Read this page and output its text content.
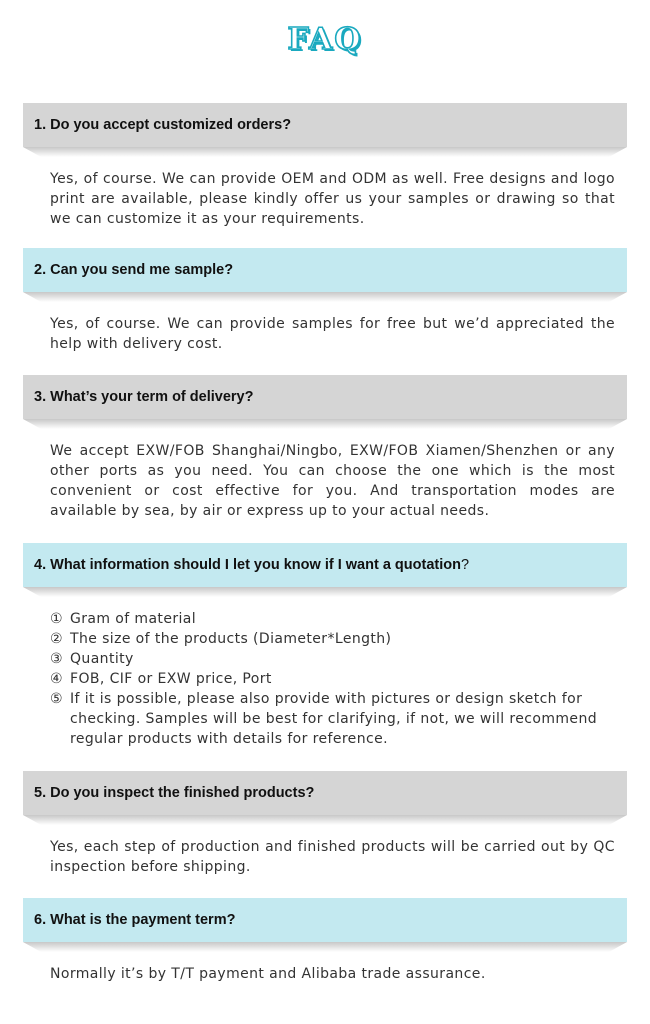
FAQ
1. Do you accept customized orders?
Yes, of course. We can provide OEM and ODM as well. Free designs and logo print are available, please kindly offer us your samples or drawing so that we can customize it as your requirements.
2. Can you send me sample?
Yes, of course. We can provide samples for free but we’d appreciated the help with delivery cost.
3. What’s your term of delivery?
We accept EXW/FOB Shanghai/Ningbo, EXW/FOB Xiamen/Shenzhen or any other ports as you need. You can choose the one which is the most convenient or cost effective for you. And transportation modes are available by sea, by air or express up to your actual needs.
4. What information should I let you know if I want a quotation?
① Gram of material
② The size of the products (Diameter*Length)
③ Quantity
④ FOB, CIF or EXW price, Port
⑤ If it is possible, please also provide with pictures or design sketch for checking. Samples will be best for clarifying, if not, we will recommend regular products with details for reference.
5. Do you inspect the finished products?
Yes, each step of production and finished products will be carried out by QC inspection before shipping.
6. What is the payment term?
Normally it’s by T/T payment and Alibaba trade assurance.
